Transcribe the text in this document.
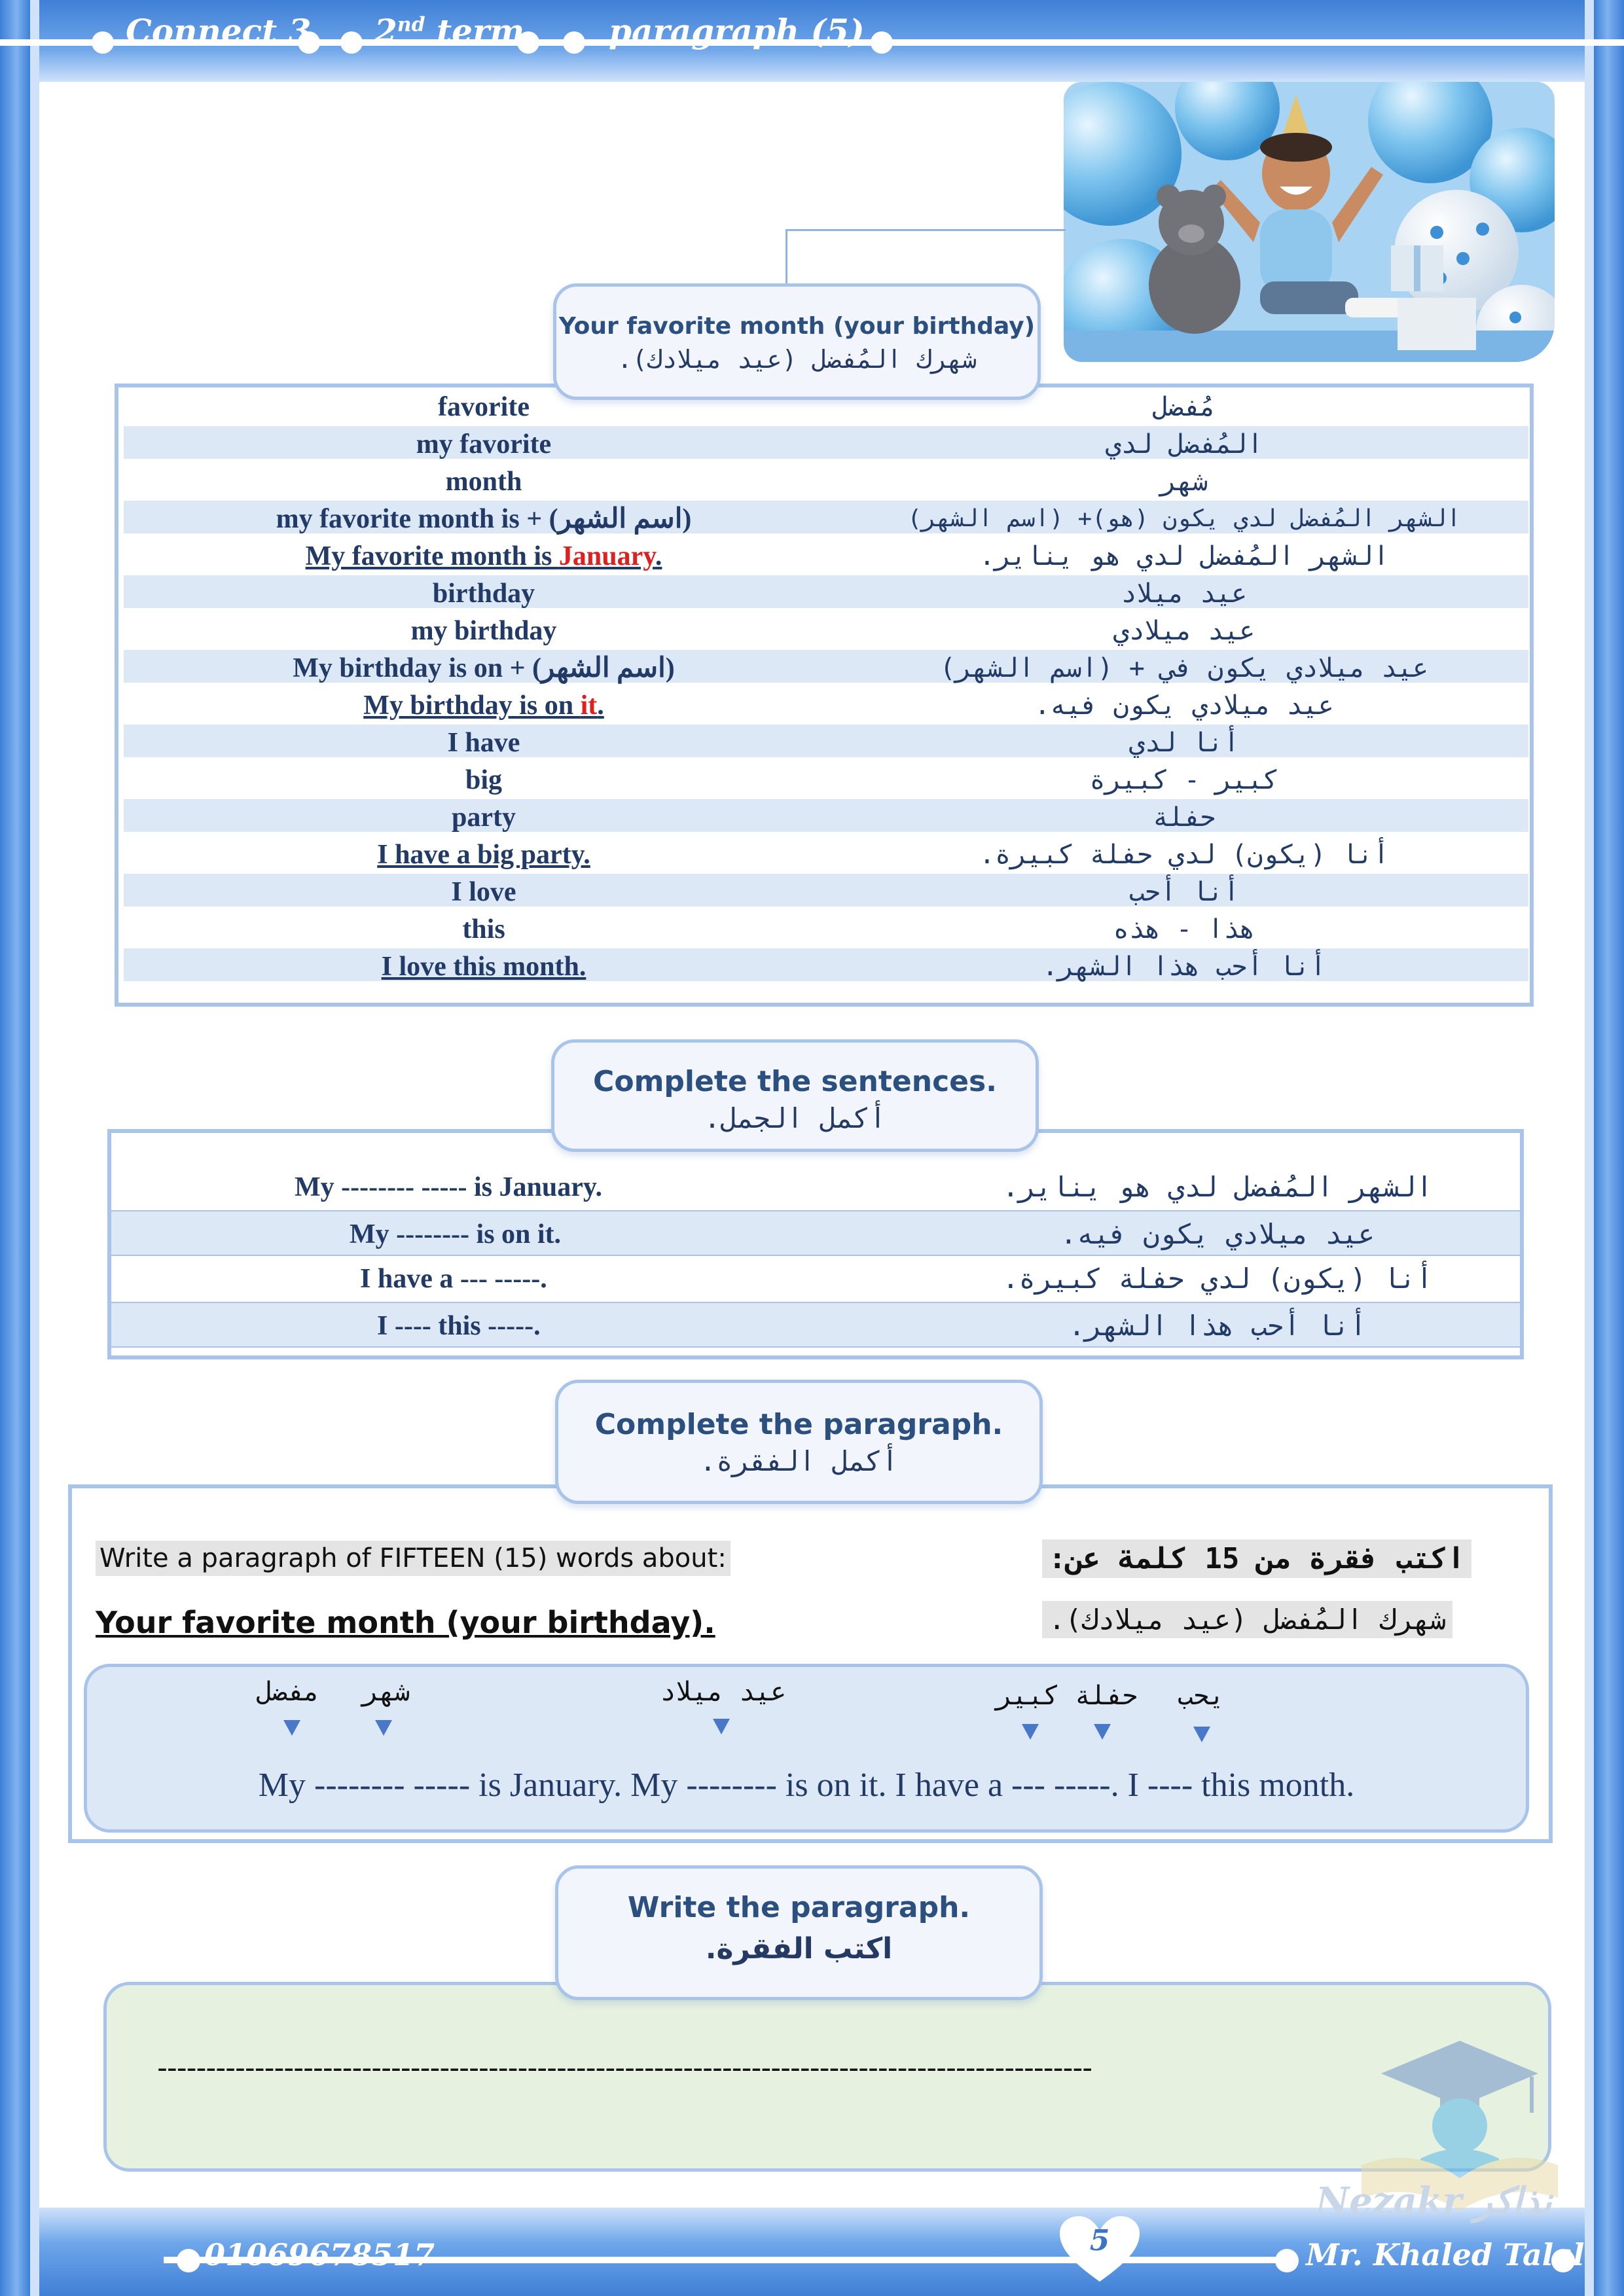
Connect 3 2nd term	paragraph (5)
01069678517	Mr. Khaled Talal
5
Your favorite month (your birthday)
شهرك المُفضل (عيد ميلادك).
favorite	مُفضل
my favorite	المُفضل لدي
month	شهر
my favorite month is + (اسم الشهر)	الشهر المُفضل لدي يكون (هو)+ (اسم الشهر)
My favorite month is January.	الشهر المُفضل لدي هو يناير.
birthday	عيد ميلاد
my birthday	عيد ميلادي
My birthday is on + (اسم الشهر)	عيد ميلادي يكون في + (اسم الشهر)
My birthday is on it.	عيد ميلادي يكون فيه.
I have	أنا لدي
big	كبير - كبيرة
party	حفلة
I have a big party.	أنا (يكون) لدي حفلة كبيرة.
I love	أنا أحب
this	هذا - هذه
I love this month.	أنا أحب هذا الشهر.
Complete the sentences.
أكمل الجمل.
My -------- ----- is January.	الشهر المُفضل لدي هو يناير.
My -------- is on it.	عيد ميلادي يكون فيه.
I have a --- -----.	أنا (يكون) لدي حفلة كبيرة.
I ---- this -----.	أنا أحب هذا الشهر.
Complete the paragraph.
أكمل الفقرة.
Write a paragraph of FIFTEEN (15) words about:	اكتب فقرة من 15 كلمة عن:
Your favorite month (your birthday).	شهرك المُفضل (عيد ميلادك).
مفضل	شهر	عيد ميلاد	كبير حفلة	يحب
My -------- ----- is January. My -------- is on it. I have a --- -----. I ---- this month.
Write the paragraph.
اكتب الفقرة.
------------------------------------------------------------------------------------------------
Nezakr نذاكر
